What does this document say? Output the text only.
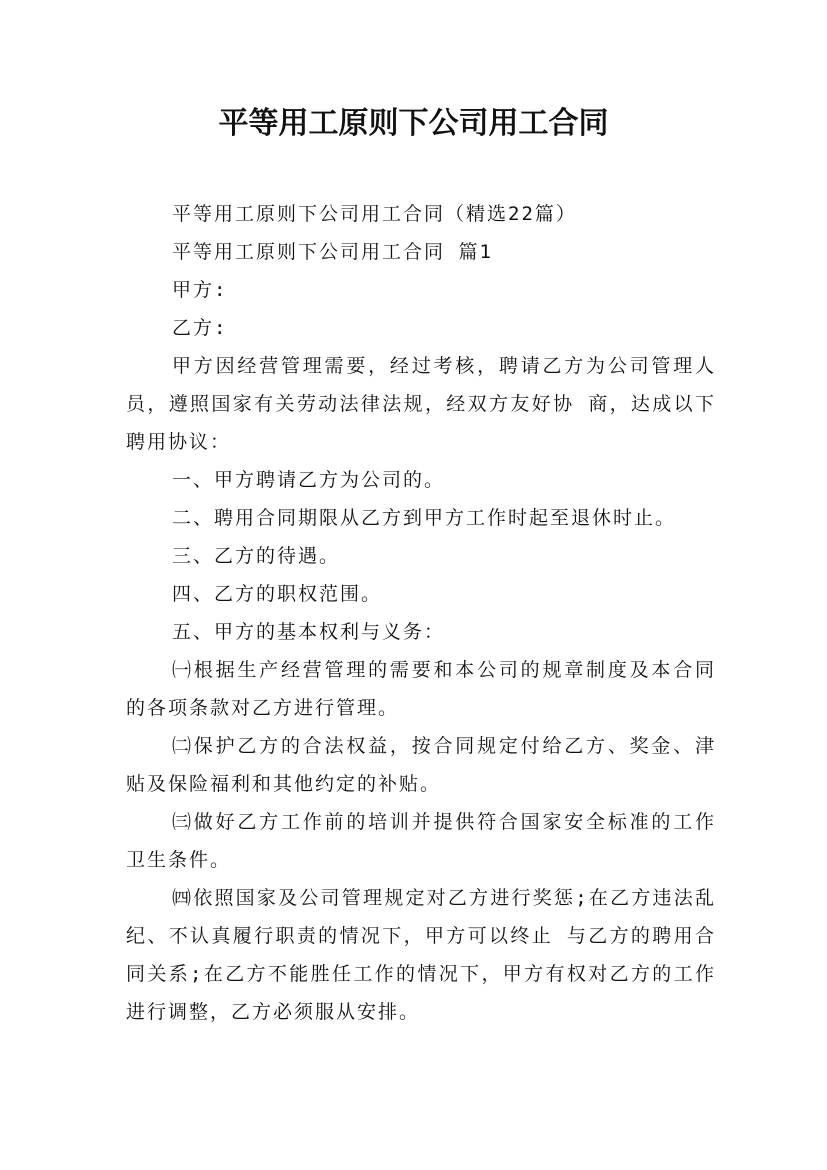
平等用工原则下公司用工合同

平等用工原则下公司用工合同（精选22篇）

平等用工原则下公司用工合同 篇1

甲方:

乙方:

甲方因经营管理需要，经过考核，聘请乙方为公司管理人员，遵照国家有关劳动法律法规，经双方友好协 商，达成以下聘用协议：

一、甲方聘请乙方为公司的。

二、聘用合同期限从乙方到甲方工作时起至退休时止。

三、乙方的待遇。

四、乙方的职权范围。

五、甲方的基本权利与义务：

㈠根据生产经营管理的需要和本公司的规章制度及本合同的各项条款对乙方进行管理。

㈡保护乙方的合法权益，按合同规定付给乙方、奖金、津贴及保险福利和其他约定的补贴。

㈢做好乙方工作前的培训并提供符合国家安全标准的工作卫生条件。

㈣依照国家及公司管理规定对乙方进行奖惩;在乙方违法乱纪、不认真履行职责的情况下，甲方可以终止 与乙方的聘用合同关系;在乙方不能胜任工作的情况下，甲方有权对乙方的工作进行调整，乙方必须服从安排。
